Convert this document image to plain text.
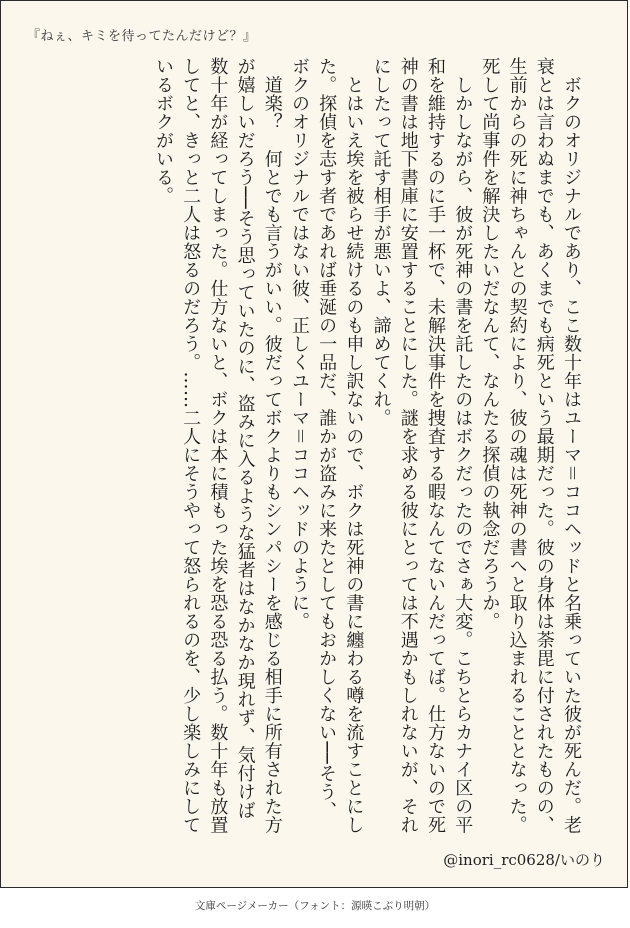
『ねぇ、キミを待ってたんだけど？』

　ボクのオリジナルであり、ここ数十年はユーマ＝ココヘッドと名乗っていた彼が死んだ。老衰とは言わぬまでも、あくまでも病死という最期だった。彼の身体は荼毘に付されたものの、生前からの死に神ちゃんとの契約により、彼の魂は死神の書へと取り込まれることとなった。死して尚事件を解決したいだなんて、なんたる探偵の執念だろうか。

　しかしながら、彼が死神の書を託したのはボクだったのでさぁ大変。こちとらカナイ区の平和を維持するのに手一杯で、未解決事件を捜査する暇なんてないんだってば。仕方ないので死神の書は地下書庫に安置することにした。謎を求める彼にとっては不遇かもしれないが、それにしたって託す相手が悪いよ、諦めてくれ。

　とはいえ埃を被らせ続けるのも申し訳ないので、ボクは死神の書に纏わる噂を流すことにした。探偵を志す者であれば垂涎の一品だ、誰かが盗みに来たとしてもおかしくない──そう、ボクのオリジナルではない彼、正しくユーマ＝ココヘッドのように。

　道楽？　何とでも言うがいい。彼だってボクよりもシンパシーを感じる相手に所有された方が嬉しいだろう──そう思っていたのに、盗みに入るような猛者はなかなか現れず、気付けば数十年が経ってしまった。仕方ないと、ボクは本に積もった埃を恐る恐る払う。数十年も放置してと、きっと二人は怒るのだろう。……二人にそうやって怒られるのを、少し楽しみにしているボクがいる。

@inori_rc0628/いのり
文庫ページメーカー（フォント：源暎こぶり明朝）
